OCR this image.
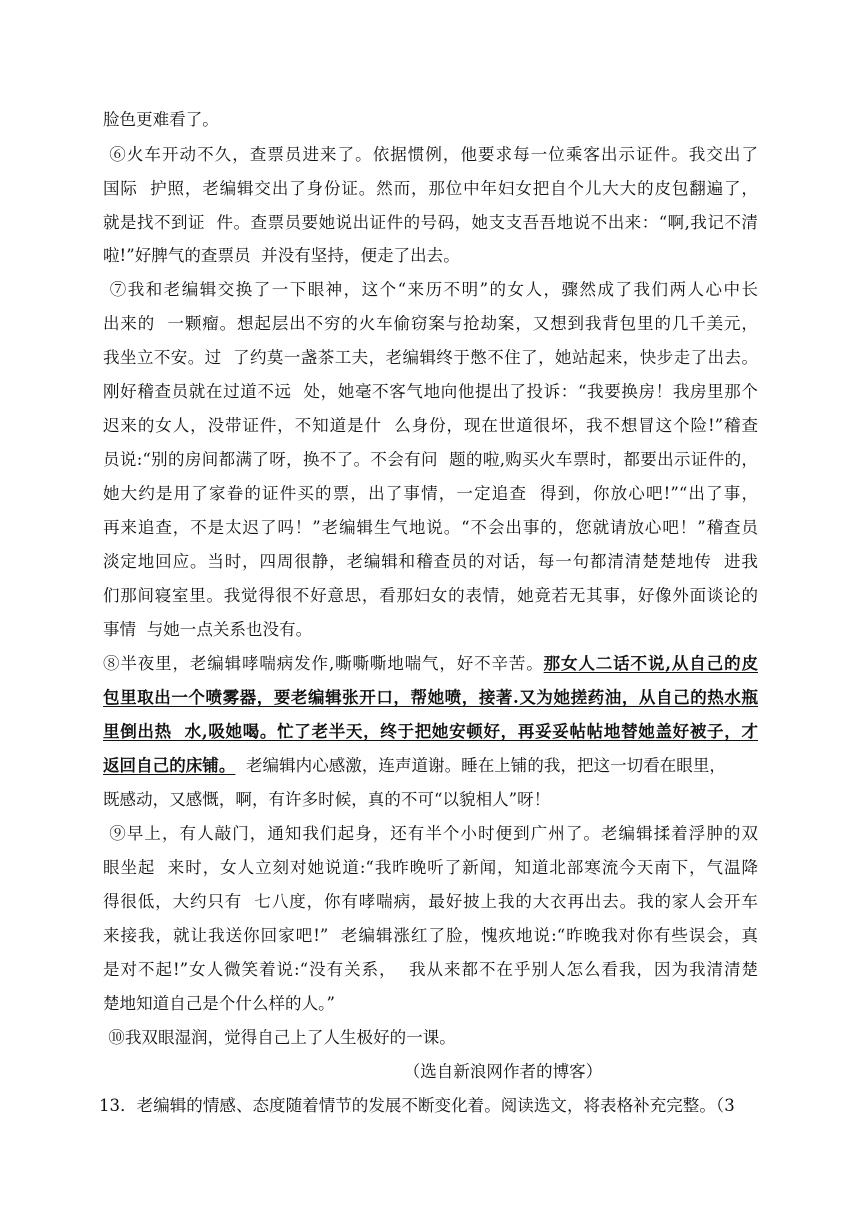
脸色更难看了。
⑥火车开动不久，查票员进来了。依据惯例，他要求每一位乘客出示证件。我交出了
国际  护照，老编辑交出了身份证。然而，那位中年妇女把自个儿大大的皮包翻遍了，
就是找不到证  件。查票员要她说出证件的号码，她支支吾吾地说不出来：“啊,我记不清
啦!”好脾气的查票员  并没有坚持，便走了出去。
⑦我和老编辑交换了一下眼神，这个“来历不明”的女人，骤然成了我们两人心中长
出来的  一颗瘤。想起层出不穷的火车偷窃案与抢劫案，又想到我背包里的几千美元，
我坐立不安。过  了约莫一盏茶工夫，老编辑终于憋不住了，她站起来，快步走了出去。
刚好稽查员就在过道不远  处，她毫不客气地向他提出了投诉：“我要换房！我房里那个
迟来的女人，没带证件，不知道是什  么身份，现在世道很坏，我不想冒这个险!”稽查
员说:“别的房间都满了呀，换不了。不会有问  题的啦,购买火车票时，都要出示证件的，
她大约是用了家眷的证件买的票，出了事情，一定追查  得到，你放心吧!”“出了事，
再来追查，不是太迟了吗！”老编辑生气地说。“不会出事的，您就请放心吧！”稽查员
淡定地回应。当时，四周很静，老编辑和稽查员的对话，每一句都清清楚楚地传  进我
们那间寝室里。我觉得很不好意思，看那妇女的表情，她竟若无其事，好像外面谈论的
事情  与她一点关系也没有。
⑧半夜里，老编辑哮喘病发作,嘶嘶嘶地喘气，好不辛苦。那女人二话不说,从自己的皮
包里取出一个喷雾器，要老编辑张开口，帮她喷，接著.又为她搓药油，从自己的热水瓶
里倒出热  水,吸她喝。忙了老半天，终于把她安顿好，再妥妥帖帖地替她盖好被子，才
返回自己的床铺。  老编辑内心感激，连声道谢。睡在上铺的我，把这一切看在眼里，
既感动，又感慨，啊，有许多时候，真的不可“以貌相人”呀！
⑨早上，有人敲门，通知我们起身，还有半个小时便到广州了。老编辑揉着浮肿的双
眼坐起  来时，女人立刻对她说道:“我昨晚听了新闻，知道北部寒流今天南下，气温降
得很低，大约只有  七八度，你有哮喘病，最好披上我的大衣再出去。我的家人会开车
来接我，就让我送你回家吧!”  老编辑涨红了脸，愧疚地说:“昨晚我对你有些误会，真
是对不起!”女人微笑着说:“没有关系，  我从来都不在乎别人怎么看我，因为我清清楚
楚地知道自己是个什么样的人。”
⑩我双眼湿润，觉得自己上了人生极好的一课。
（选自新浪网作者的博客）
13．老编辑的情感、态度随着情节的发展不断变化着。阅读选文，将表格补充完整。（3
